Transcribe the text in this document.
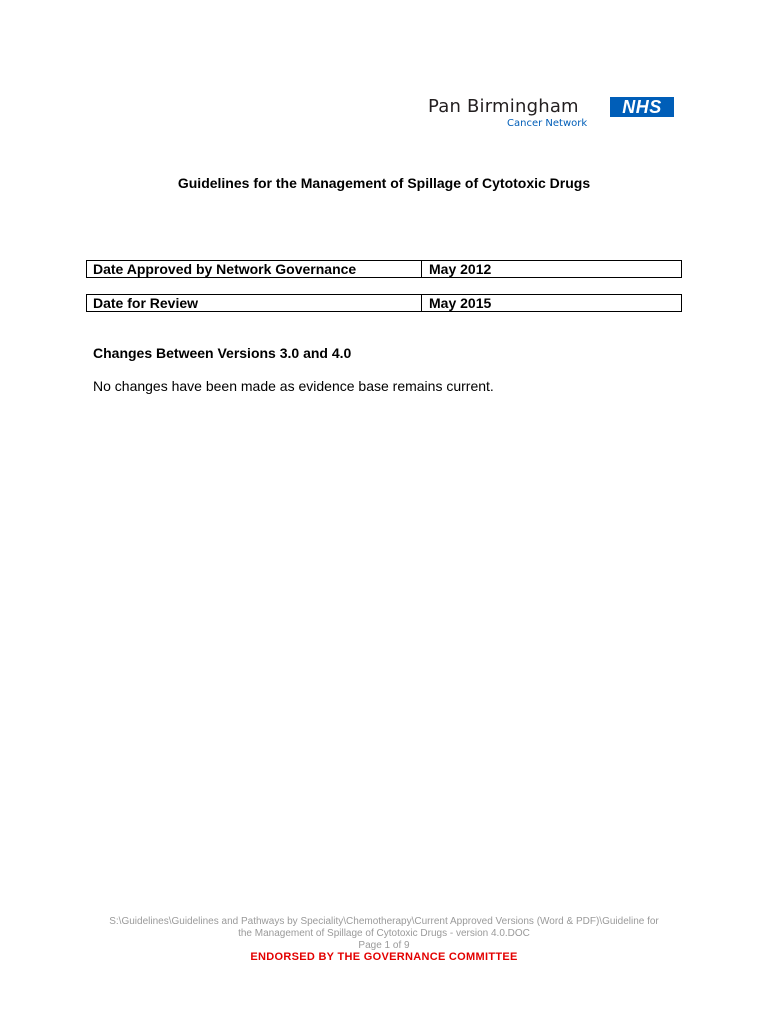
Pan Birmingham	NHS
Cancer Network
Guidelines for the Management of Spillage of Cytotoxic Drugs
Date Approved by Network Governance	May 2012
Date for Review	May 2015
Changes Between Versions 3.0 and 4.0
No changes have been made as evidence base remains current.
S:\Guidelines\Guidelines and Pathways by Speciality\Chemotherapy\Current Approved Versions (Word & PDF)\Guideline for
the Management of Spillage of Cytotoxic Drugs - version 4.0.DOC
Page 1 of 9
ENDORSED BY THE GOVERNANCE COMMITTEE
